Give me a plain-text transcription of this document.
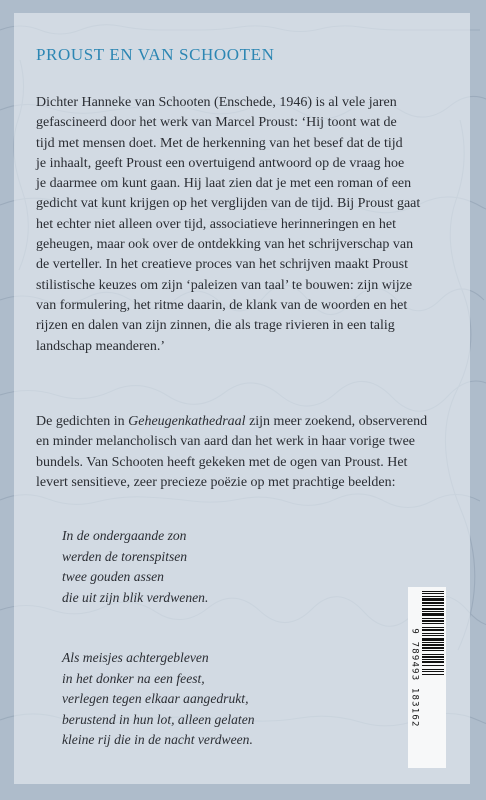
PROUST EN VAN SCHOOTEN

Dichter Hanneke van Schooten (Enschede, 1946) is al vele jaren
gefascineerd door het werk van Marcel Proust: ‘Hij toont wat de
tijd met mensen doet. Met de herkenning van het besef dat de tijd
je inhaalt, geeft Proust een overtuigend antwoord op de vraag hoe
je daarmee om kunt gaan. Hij laat zien dat je met een roman of een
gedicht vat kunt krijgen op het verglijden van de tijd. Bij Proust gaat
het echter niet alleen over tijd, associatieve herinneringen en het
geheugen, maar ook over de ontdekking van het schrijverschap van
de verteller. In het creatieve proces van het schrijven maakt Proust
stilistische keuzes om zijn ‘paleizen van taal’ te bouwen: zijn wijze
van formulering, het ritme daarin, de klank van de woorden en het
rijzen en dalen van zijn zinnen, die als trage rivieren in een talig
landschap meanderen.’

De gedichten in Geheugenkathedraal zijn meer zoekend, observerend
en minder melancholisch van aard dan het werk in haar vorige twee
bundels. Van Schooten heeft gekeken met de ogen van Proust. Het
levert sensitieve, zeer precieze poëzie op met prachtige beelden:

In de ondergaande zon
werden de torenspitsen
twee gouden assen
die uit zijn blik verdwenen.
Als meisjes achtergebleven
in het donker na een feest,
verlegen tegen elkaar aangedrukt,
berustend in hun lot, alleen gelaten
kleine rij die in de nacht verdween.
9 789493 183162
